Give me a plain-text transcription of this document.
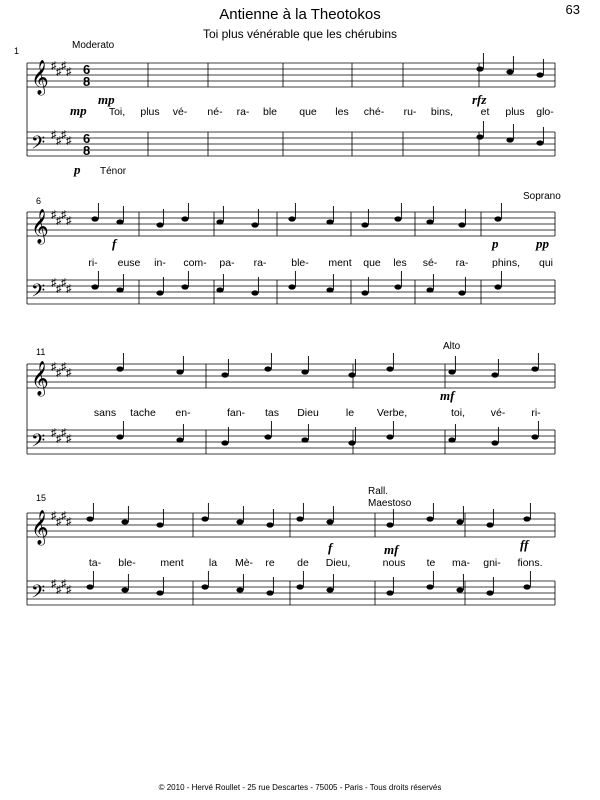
Antienne à la Theotokos
Toi plus vénérable que les chérubins
63
𝄞 ♯ ♯ ♯ ♯
𝄢 ♯ ♯ ♯ ♯
𝄞 ♯ ♯ ♯ ♯
𝄢 ♯ ♯ ♯ ♯
𝄞 ♯ ♯ ♯ ♯
𝄢 ♯ ♯ ♯ ♯
𝄞 ♯ ♯ ♯ ♯
𝄢 ♯ ♯ ♯ ♯
6
6
8
8
1	Moderato
mp
mp
rfz
p Ténor
Toi, plus vé- né- ra- ble que les ché- ru- bins,	et plus glo-
6	Soprano
f	p	pp
ri- euse in- com- pa- ra- ble- ment que les sé- ra- phins, qui
11	Alto
mf
sans tache en-	fan- tas Dieu	le Verbe,	toi, vé- ri-
15
Rall.
Maestoso
f	mf	ff
ta- ble- ment la Mè- re de Dieu,	nous te ma- gni- fions.
© 2010 - Hervé Roullet - 25 rue Descartes - 75005 - Paris - Tous droits réservés
